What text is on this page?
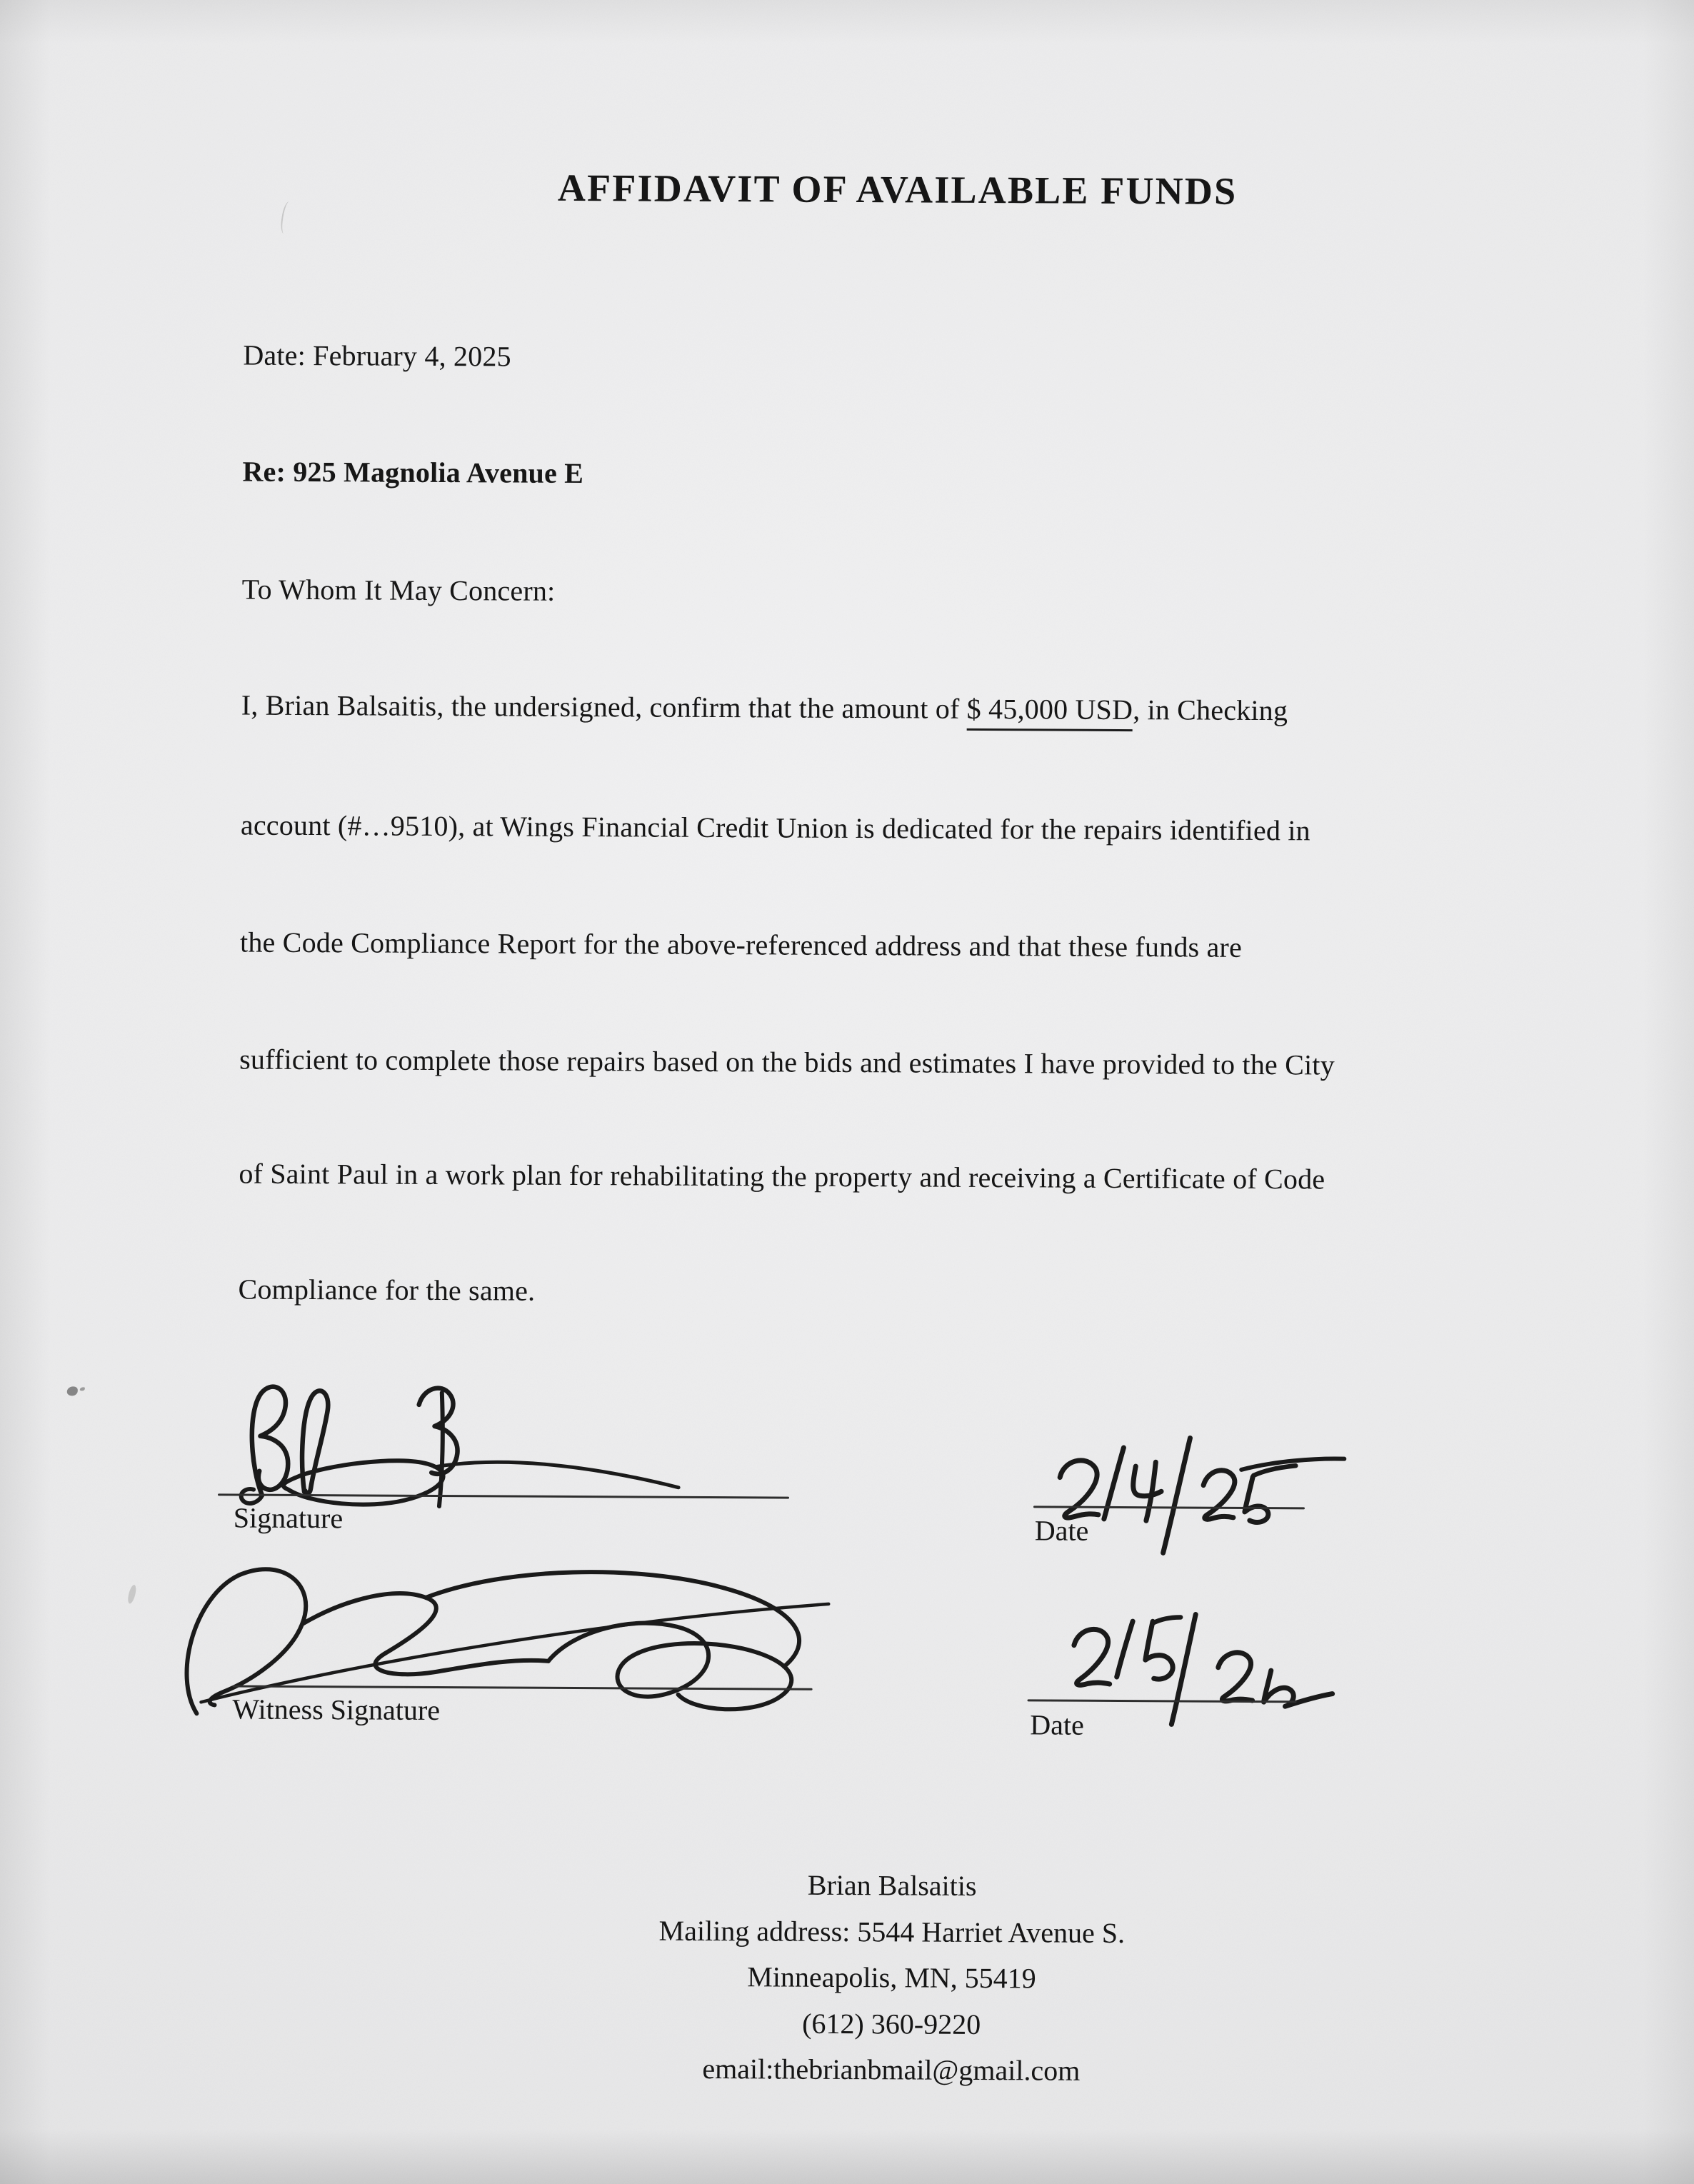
AFFIDAVIT OF AVAILABLE FUNDS
Date: February 4, 2025
Re: 925 Magnolia Avenue E
To Whom It May Concern:
I, Brian Balsaitis, the undersigned, confirm that the amount of $ 45,000 USD, in Checking
account (#…9510), at Wings Financial Credit Union is dedicated for the repairs identified in
the Code Compliance Report for the above-referenced address and that these funds are
sufficient to complete those repairs based on the bids and estimates I have provided to the City
of Saint Paul in a work plan for rehabilitating the property and receiving a Certificate of Code
Compliance for the same.
Signature	Date
Witness Signature	Date
Brian Balsaitis
Mailing address: 5544 Harriet Avenue S.
Minneapolis, MN, 55419
(612) 360-9220
email:thebrianbmail@gmail.com
